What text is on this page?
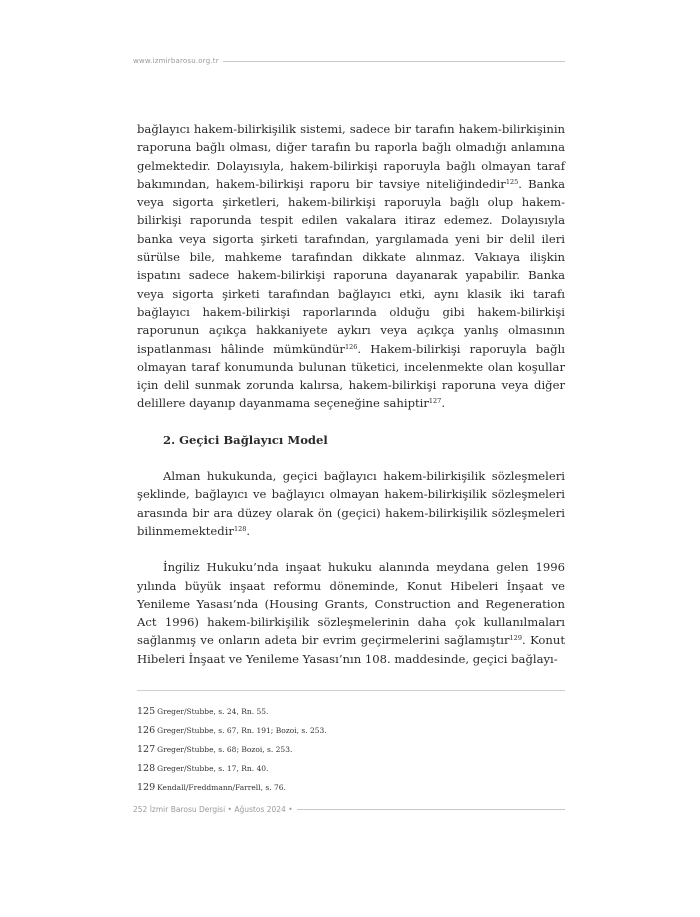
www.izmirbarosu.org.tr

bağlayıcı hakem-bilirkişilik sistemi, sadece bir tarafın hakem-bilirkişinin raporuna bağlı olması, diğer tarafın bu raporla bağlı olmadığı anlamına gelmektedir. Dolayısıyla, hakem-bilirkişi raporuyla bağlı olmayan taraf bakımından, hakem-bilirkişi raporu bir tavsiye niteliğindedir$^{125}$. Banka veya sigorta şirketleri, hakem-bilirkişi raporuyla bağlı olup hakem-bilirkişi raporunda tespit edilen vakalara itiraz edemez. Dolayısıyla banka veya sigorta şirketi tarafından, yargılamada yeni bir delil ileri sürülse bile, mahkeme tarafından dikkate alınmaz. Vakıaya ilişkin ispatını sadece hakem-bilirkişi raporuna dayanarak yapabilir. Banka veya sigorta şirketi tarafından bağlayıcı etki, aynı klasik iki tarafı bağlayıcı hakem-bilirkişi raporlarında olduğu gibi hakem-bilirkişi raporunun açıkça hakkaniyete aykırı veya açıkça yanlış olmasının ispatlanması hâlinde mümkündür$^{126}$. Hakem-bilirkişi raporuyla bağlı olmayan taraf konumunda bulunan tüketici, incelenmekte olan koşullar için delil sunmak zorunda kalırsa, hakem-bilirkişi raporuna veya diğer delillere dayanıp dayanmama seçeneğine sahiptir$^{127}$.

2. Geçici Bağlayıcı Model

Alman hukukunda, geçici bağlayıcı hakem-bilirkişilik sözleşmeleri şeklinde, bağlayıcı ve bağlayıcı olmayan hakem-bilirkişilik sözleşmeleri arasında bir ara düzey olarak ön (geçici) hakem-bilirkişilik sözleşmeleri bilinmemektedir$^{128}$.

İngiliz Hukuku’nda inşaat hukuku alanında meydana gelen 1996 yılında büyük inşaat reformu döneminde, Konut Hibeleri İnşaat ve Yenileme Yasası’nda (Housing Grants, Construction and Regeneration Act 1996) hakem-bilirkişilik sözleşmelerinin daha çok kullanılmaları sağlanmış ve onların adeta bir evrim geçirmelerini sağlamıştır$^{129}$. Konut Hibeleri İnşaat ve Yenileme Yasası’nın 108. maddesinde, geçici bağlayı-

125 Greger/Stubbe, s. 24, Rn. 55.
126 Greger/Stubbe, s. 67, Rn. 191; Bozoi, s. 253.
127 Greger/Stubbe, s. 68; Bozoi, s. 253.
128 Greger/Stubbe, s. 17, Rn. 40.
129 Kendall/Freddmann/Farrell, s. 76.
252 İzmir Barosu Dergisi • Ağustos 2024 •
